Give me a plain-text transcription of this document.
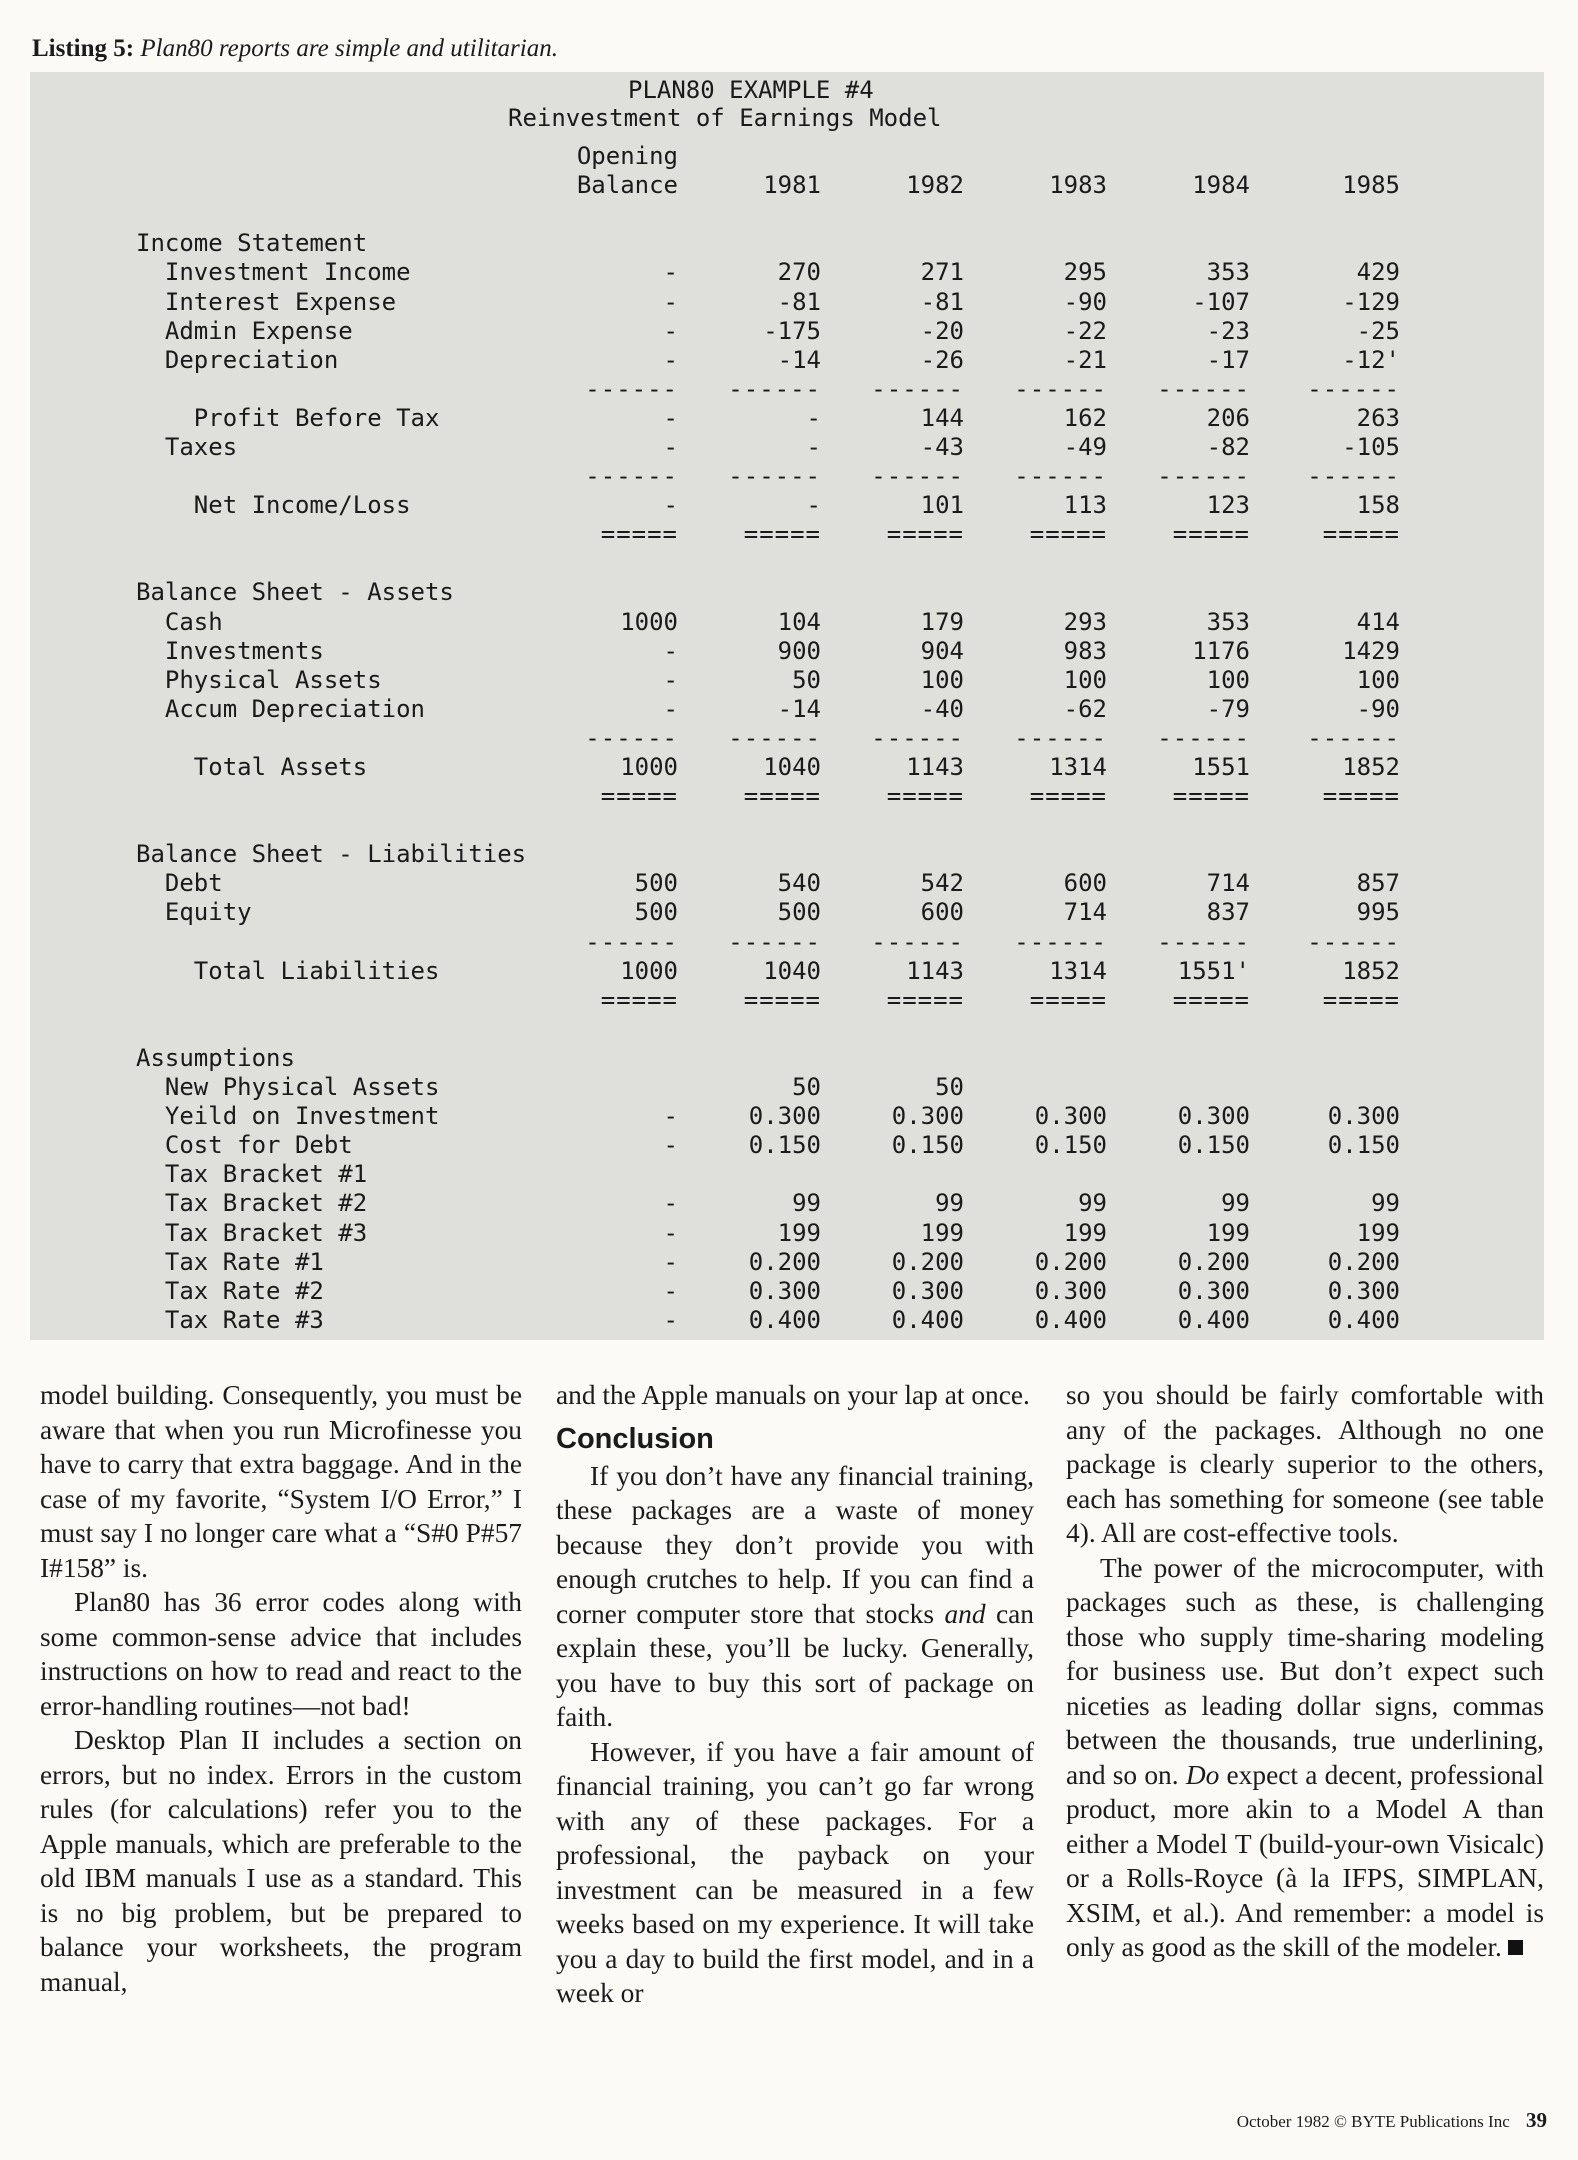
Listing 5: Plan80 reports are simple and utilitarian.
PLAN80 EXAMPLE #4
Reinvestment of Earnings Model
	Opening					
	Balance	1981	1982	1983	1984	1985

Income Statement						
Investment Income	-	270	271	295	353	429
Interest Expense	-	-81	-81	-90	-107	-129
Admin Expense	-	-175	-20	-22	-23	-25
Depreciation	-	-14	-26	-21	-17	-12'
	------	------	------	------	------	------
Profit Before Tax	-	-	144	162	206	263
Taxes	-	-	-43	-49	-82	-105
	------	------	------	------	------	------
Net Income/Loss	-	-	101	113	123	158
	=====	=====	=====	=====	=====	=====

Balance Sheet - Assets						
Cash	1000	104	179	293	353	414
Investments	-	900	904	983	1176	1429
Physical Assets	-	50	100	100	100	100
Accum Depreciation	-	-14	-40	-62	-79	-90
	------	------	------	------	------	------
Total Assets	1000	1040	1143	1314	1551	1852
	=====	=====	=====	=====	=====	=====

Balance Sheet - Liabilities						
Debt	500	540	542	600	714	857
Equity	500	500	600	714	837	995
	------	------	------	------	------	------
Total Liabilities	1000	1040	1143	1314	1551'	1852
	=====	=====	=====	=====	=====	=====

Assumptions						
New Physical Assets		50	50			
Yeild on Investment	-	0.300	0.300	0.300	0.300	0.300
Cost for Debt	-	0.150	0.150	0.150	0.150	0.150
Tax Bracket #1						
Tax Bracket #2	-	99	99	99	99	99
Tax Bracket #3	-	199	199	199	199	199
Tax Rate #1	-	0.200	0.200	0.200	0.200	0.200
Tax Rate #2	-	0.300	0.300	0.300	0.300	0.300
Tax Rate #3	-	0.400	0.400	0.400	0.400	0.400

model building. Consequently, you must be aware that when you run Microfinesse you have to carry that extra baggage. And in the case of my favorite, “System I/O Error,” I must say I no longer care what a “S#0 P#57 I#158” is.

Plan80 has 36 error codes along with some common-sense advice that includes instructions on how to read and react to the error-handling routines—not bad!

Desktop Plan II includes a section on errors, but no index. Errors in the custom rules (for calculations) refer you to the Apple manuals, which are preferable to the old IBM manuals I use as a standard. This is no big problem, but be prepared to balance your worksheets, the program manual,

and the Apple manuals on your lap at once.

Conclusion

If you don’t have any financial training, these packages are a waste of money because they don’t provide you with enough crutches to help. If you can find a corner computer store that stocks and can explain these, you’ll be lucky. Generally, you have to buy this sort of package on faith.

However, if you have a fair amount of financial training, you can’t go far wrong with any of these packages. For a professional, the payback on your investment can be measured in a few weeks based on my experience. It will take you a day to build the first model, and in a week or

so you should be fairly comfortable with any of the packages. Although no one package is clearly superior to the others, each has something for someone (see table 4). All are cost-effective tools.

The power of the microcomputer, with packages such as these, is challenging those who supply time-sharing modeling for business use. But don’t expect such niceties as leading dollar signs, commas between the thousands, true underlining, and so on. Do expect a decent, professional product, more akin to a Model A than either a Model T (build-your-own Visicalc) or a Rolls-Royce (à la IFPS, SIMPLAN, XSIM, et al.). And remember: a model is only as good as the skill of the modeler.

October 1982 © BYTE Publications Inc 39
